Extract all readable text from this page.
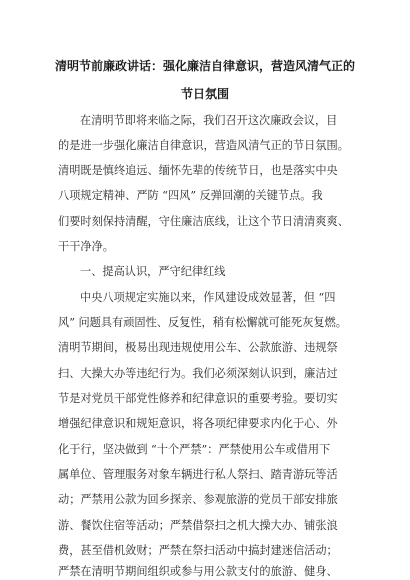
清明节前廉政讲话：强化廉洁自律意识，营造风清气正的
节日氛围
在清明节即将来临之际，我们召开这次廉政会议，目
的是进一步强化廉洁自律意识，营造风清气正的节日氛围。
清明既是慎终追远、缅怀先辈的传统节日，也是落实中央
八项规定精神、严防 “四风” 反弹回潮的关键节点。我
们要时刻保持清醒，守住廉洁底线，让这个节日清清爽爽、
干干净净。
一、提高认识，严守纪律红线
中央八项规定实施以来，作风建设成效显著，但 “四
风” 问题具有顽固性、反复性，稍有松懈就可能死灰复燃。
清明节期间，极易出现违规使用公车、公款旅游、违规祭
扫、大操大办等违纪行为。我们必须深刻认识到，廉洁过
节是对党员干部党性修养和纪律意识的重要考验。要切实
增强纪律意识和规矩意识，将各项纪律要求内化于心、外
化于行，坚决做到 “十个严禁”：严禁使用公车或借用下
属单位、管理服务对象车辆进行私人祭扫、踏青游玩等活
动；严禁用公款为回乡探亲、参观旅游的党员干部安排旅
游、餐饮住宿等活动；严禁借祭扫之机大操大办、铺张浪
费，甚至借机敛财；严禁在祭扫活动中搞封建迷信活动；
严禁在清明节期间组织或参与用公款支付的旅游、健身、
